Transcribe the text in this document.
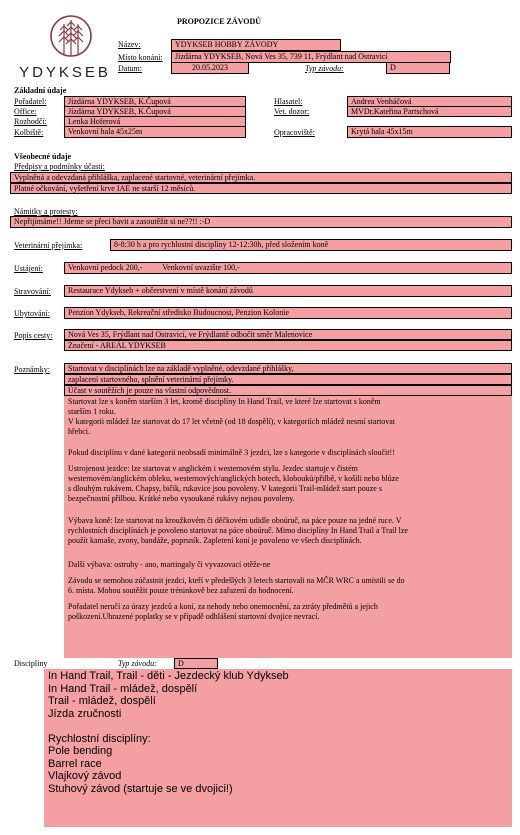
YDYKSEB
PROPOZICE ZÁVODŮ
Název:	YDYKSEB HOBBY ZÁVODY
Místo konání:	Jízdárna YDYKSEB, Nová Ves 35, 739 11, Frýdlant nad Ostravicí
Datum:	20.05.2023	Typ závodu:	D
Základní údaje
Pořadatel:	Jízdárna YDYKSEB, K.Čupová	Hlasatel:	Andrea Venháčová
Office:	Jízdárna YDYKSEB, K.Čupová	Vet. dozor:	MVDr.Kateřina Partschová
Rozhodčí:	Lenka Hoferová
Kolbiště:	Venkovní hala 45x25m	Opracoviště:	Krytá hala 45x15m
Všeobecné údaje
Předpisy a podmínky účasti:
Vyplněná a odevzdaná přihláška, zaplacené startovné, veterinární přejímka.
Platné očkování, vyšetření krve IAE ne starší 12 měsíců.
Námitky a protesty:
Nepřijímáme!! Jdeme se přeci bavit a zasoutěžit si ne??!! :-D
Veterinární přejímka:	8-8:30 h a pro rychlostní disciplíny 12-12:30h, před složením koně
Ustájení:	Venkovní pedock 200,-          Venkovní uvazište 100,-
Stravování:	Restaurace Ydykseb + občerstvení v místě konání závodů
Ubytování:	Penzion Ydykseb, Rekreační středisko Budoucnost, Penzion Kolonie
Popis cesty:	Nová Ves 35, Frýdlant nad Ostravicí, ve Frýdlantě odbočit směr Malenovice
Značení - AREÁL YDYKSEB
Poznámky:	Startovat v disciplínách lze na základě vyplněné, odevzdané přihlášky,
zaplacení startovného, splnění veterinární přejímky.
Účast v soutěžích je pouze na vlastní odpovědnost.
Startovat lze s koněm starším 3 let, kromě disciplíny In Hand Trail, ve které lze startovat s koněm
starším 1 roku.
V kategorii mládež lze startovat do 17 let včetně (od 18 dospělí), v kategoriích mládež nesmí startovat
hřebci.
Pokud disciplínu v dané kategorii neobsadí minimálně 3 jezdci, lze s kategorie v disciplínách sloučit!!
Ustrojenost jezdce: lze startovat v anglickém i westernovém stylu. Jezdec startuje v čistém
westernovém/anglickém obleku, westernových/anglických botech, kloboukú/přilbě, v košili nebo blůze
s dlouhým rukávem. Chapsy, bičík, rukavice jsou povoleny. V kategorii Trail-mládež start pouze s
bezpečnostní přilbou. Krátké nebo vysoukané rukávy nejsou povoleny.
Výbava koně: lze startovat na kroužkovém či děčkovém udidle oboúruč, na páce pouze na jedné ruce. V
rychlostních disciplínách je povoleno startovat na páce oboúruč. Mimo disciplíny In Hand Trail a Trail lze
použít kamaše, zvony, bandáže, poprsník. Zapletení koní je povoleno ve všech disciplínách.
Další výbava: ostruhy - ano, martingaly či vyvazovací otěže-ne
Závodu se nemohou zúčastnit jezdci, kteří v předešlých 3 letech startovali na MČR WRC a umístili se do
6. místa. Mohou soutěžit pouze tréninkově bez zařazení do hodnocení.
Pořadatel neručí za úrazy jezdců a koní, za nehody nebo onemocnění, za ztráty předmětů a jejich
poškození.Uhrazené poplatky se v případě odhlášení startovní dvojice nevrací.
Disciplíny	Typ závodu:	D
In Hand Trail, Trail - děti - Jezdecký klub Ydykseb
In Hand Trail - mládež, dospělí
Trail - mládež, dospělí
Jízda zručnosti
Rychlostní disciplíny:
Pole bending
Barrel race
Vlajkový závod
Stuhový závod (startuje se ve dvojici!)
